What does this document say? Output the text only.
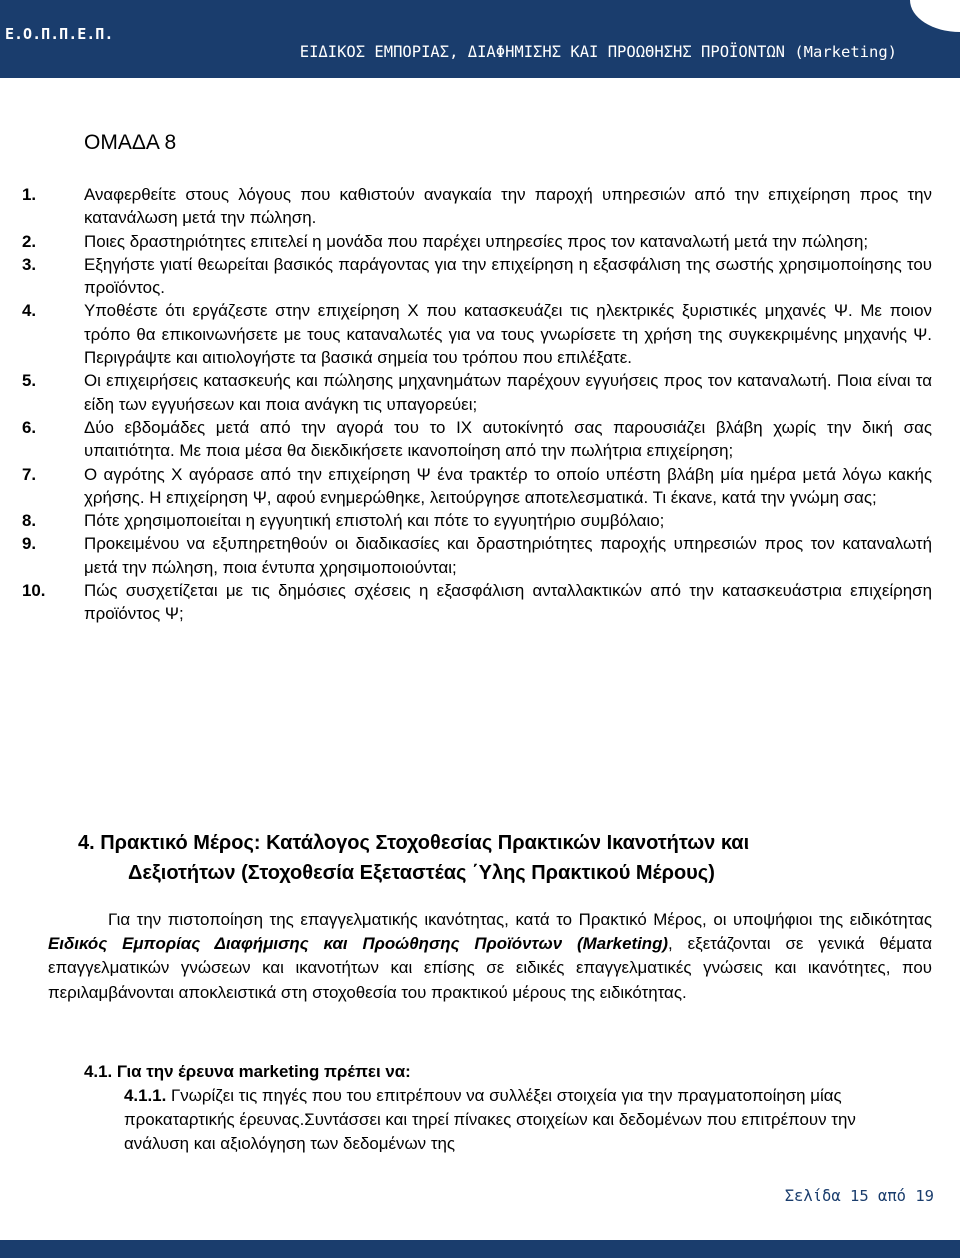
Ε.Ο.Π.Π.Ε.Π.
ΕΙΔΙΚΟΣ ΕΜΠΟΡΙΑΣ, ΔΙΑΦΗΜΙΣΗΣ ΚΑΙ ΠΡΟΩΘΗΣΗΣ ΠΡΟΪΟΝΤΩΝ (Marketing)
ΟΜΑΔΑ 8
1.	Αναφερθείτε στους λόγους που καθιστούν αναγκαία την παροχή υπηρεσιών από την επιχείρηση προς την κατανάλωση μετά την πώληση.
2.	Ποιες δραστηριότητες επιτελεί η μονάδα που παρέχει υπηρεσίες προς τον καταναλωτή μετά την πώληση;
3.	Εξηγήστε γιατί θεωρείται βασικός παράγοντας για την επιχείρηση η εξασφάλιση της σωστής χρησιμοποίησης του προϊόντος.
4.	Υποθέστε ότι εργάζεστε στην επιχείρηση Χ που κατασκευάζει τις ηλεκτρικές ξυριστικές μηχανές Ψ. Με ποιον τρόπο θα επικοινωνήσετε με τους καταναλωτές για να τους γνωρίσετε τη χρήση της συγκεκριμένης μηχανής Ψ. Περιγράψτε και αιτιολογήστε τα βασικά σημεία του τρόπου που επιλέξατε.
5.	Οι επιχειρήσεις κατασκευής και πώλησης μηχανημάτων παρέχουν εγγυήσεις προς τον καταναλωτή. Ποια είναι τα είδη των εγγυήσεων και ποια ανάγκη τις υπαγορεύει;
6.	Δύο εβδομάδες μετά από την αγορά του το ΙΧ αυτοκίνητό σας παρουσιάζει βλάβη χωρίς την δική σας υπαιτιότητα. Με ποια μέσα θα διεκδικήσετε ικανοποίηση από την πωλήτρια επιχείρηση;
7.	Ο αγρότης Χ αγόρασε από την επιχείρηση Ψ ένα τρακτέρ το οποίο υπέστη βλάβη μία ημέρα μετά λόγω κακής χρήσης. Η επιχείρηση Ψ, αφού ενημερώθηκε, λειτούργησε αποτελεσματικά. Τι έκανε, κατά την γνώμη σας;
8.	Πότε χρησιμοποιείται η εγγυητική επιστολή και πότε το εγγυητήριο συμβόλαιο;
9.	Προκειμένου να εξυπηρετηθούν οι διαδικασίες και δραστηριότητες παροχής υπηρεσιών προς τον καταναλωτή μετά την πώληση, ποια έντυπα χρησιμοποιούνται;
10. Πώς συσχετίζεται με τις δημόσιες σχέσεις η εξασφάλιση ανταλλακτικών από την κατασκευάστρια επιχείρηση προϊόντος Ψ;
4. Πρακτικό Μέρος: Κατάλογος Στοχοθεσίας Πρακτικών Ικανοτήτων και
Δεξιοτήτων (Στοχοθεσία Εξεταστέας ΄Υλης Πρακτικού Μέρους)
Για την πιστοποίηση της επαγγελματικής ικανότητας, κατά το Πρακτικό Μέρος, οι υποψήφιοι της ειδικότητας Ειδικός Εμπορίας Διαφήμισης και Προώθησης Προϊόντων (Marketing), εξετάζονται σε γενικά θέματα επαγγελματικών γνώσεων και ικανοτήτων και επίσης σε ειδικές επαγγελματικές γνώσεις και ικανότητες, που περιλαμβάνονται αποκλειστικά στη στοχοθεσία του πρακτικού μέρους της ειδικότητας.
4.1. Για την έρευνα marketing πρέπει να:
4.1.1. Γνωρίζει τις πηγές που του επιτρέπουν να συλλέξει στοιχεία για την πραγματοποίηση μίας προκαταρτικής έρευνας.Συντάσσει και τηρεί πίνακες στοιχείων και δεδομένων που επιτρέπουν την ανάλυση και αξιολόγηση των δεδομένων της
Σελίδα 15 από 19
